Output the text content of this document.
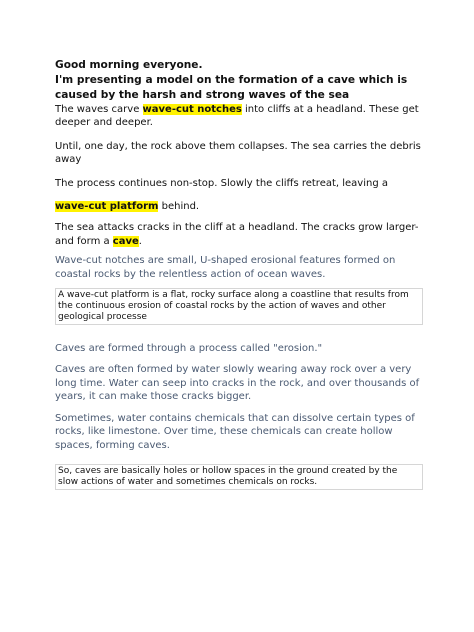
Good morning everyone.

I'm presenting a model on the formation of a cave which is caused by the harsh and strong waves of the sea

The waves carve wave-cut notches into cliffs at a headland. These get deeper and deeper.

Until, one day, the rock above them collapses. The sea carries the debris away

The process continues non-stop. Slowly the cliffs retreat, leaving a

wave-cut platform behind.

The sea attacks cracks in the cliff at a headland. The cracks grow larger- and form a cave.

Wave-cut notches are small, U-shaped erosional features formed on coastal rocks by the relentless action of ocean waves.

A wave-cut platform is a flat, rocky surface along a coastline that results from the continuous erosion of coastal rocks by the action of waves and other geological processe

Caves are formed through a process called "erosion."

Caves are often formed by water slowly wearing away rock over a very long time. Water can seep into cracks in the rock, and over thousands of years, it can make those cracks bigger.

Sometimes, water contains chemicals that can dissolve certain types of rocks, like limestone. Over time, these chemicals can create hollow spaces, forming caves.

So, caves are basically holes or hollow spaces in the ground created by the slow actions of water and sometimes chemicals on rocks.
